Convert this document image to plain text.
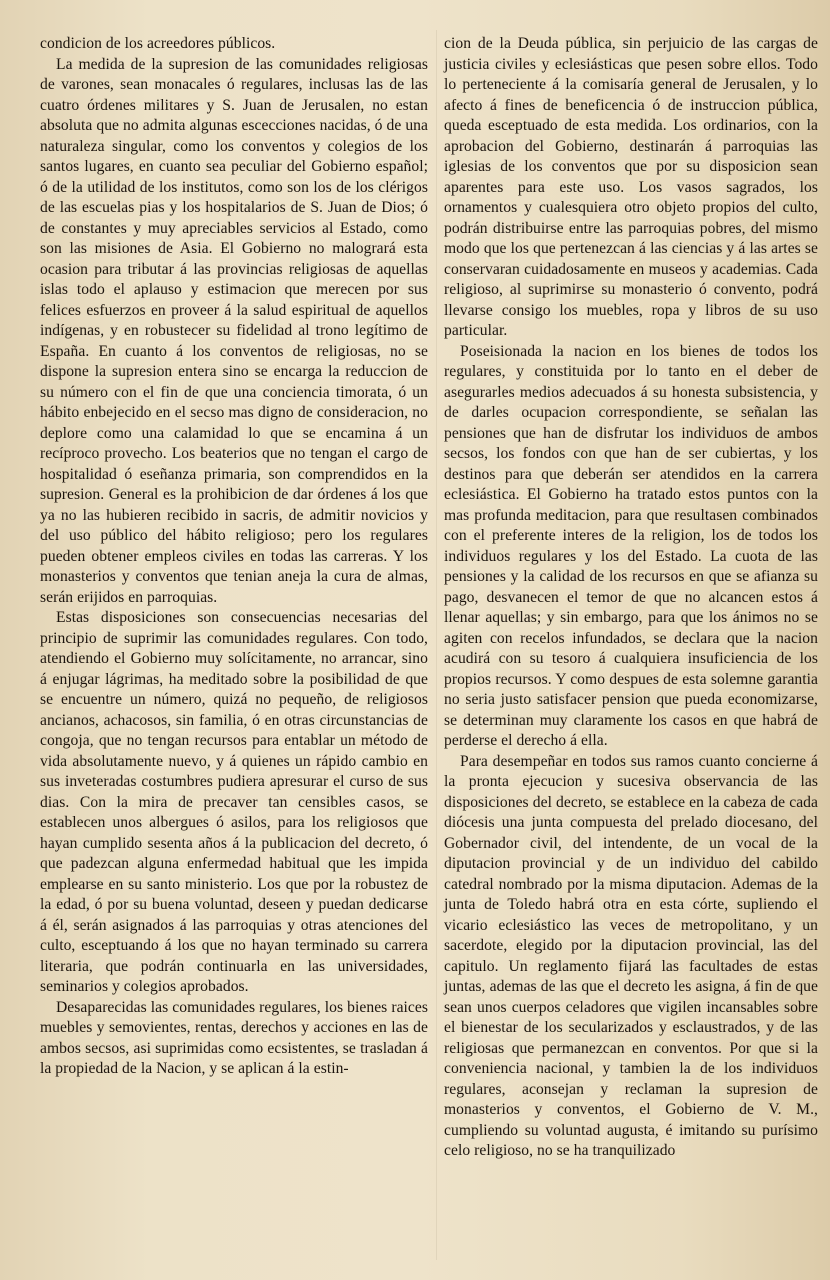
condicion de los acreedores públicos.

La medida de la supresion de las comunidades religiosas de varones, sean monacales ó regulares, inclusas las de las cuatro órdenes militares y S. Juan de Jerusalen, no estan absoluta que no admita algunas escecciones nacidas, ó de una naturaleza singular, como los conventos y colegios de los santos lugares, en cuanto sea peculiar del Gobierno español; ó de la utilidad de los institutos, como son los de los clérigos de las escuelas pias y los hospitalarios de S. Juan de Dios; ó de constantes y muy apreciables servicios al Estado, como son las misiones de Asia. El Gobierno no malogrará esta ocasion para tributar á las provincias religiosas de aquellas islas todo el aplauso y estimacion que merecen por sus felices esfuerzos en proveer á la salud espiritual de aquellos indígenas, y en robustecer su fidelidad al trono legítimo de España. En cuanto á los conventos de religiosas, no se dispone la supresion entera sino se encarga la reduccion de su número con el fin de que una conciencia timorata, ó un hábito enbejecido en el secso mas digno de consideracion, no deplore como una calamidad lo que se encamina á un recíproco provecho. Los beaterios que no tengan el cargo de hospitalidad ó eseñanza primaria, son comprendidos en la supresion. General es la prohibicion de dar órdenes á los que ya no las hubieren recibido in sacris, de admitir novicios y del uso público del hábito religioso; pero los regulares pueden obtener empleos civiles en todas las carreras. Y los monasterios y conventos que tenian aneja la cura de almas, serán erijidos en parroquias.

Estas disposiciones son consecuencias necesarias del principio de suprimir las comunidades regulares. Con todo, atendiendo el Gobierno muy solícitamente, no arrancar, sino á enjugar lágrimas, ha meditado sobre la posibilidad de que se encuentre un número, quizá no pequeño, de religiosos ancianos, achacosos, sin familia, ó en otras circunstancias de congoja, que no tengan recursos para entablar un método de vida absolutamente nuevo, y á quienes un rápido cambio en sus inveteradas costumbres pudiera apresurar el curso de sus dias. Con la mira de precaver tan censibles casos, se establecen unos albergues ó asilos, para los religiosos que hayan cumplido sesenta años á la publicacion del decreto, ó que padezcan alguna enfermedad habitual que les impida emplearse en su santo ministerio. Los que por la robustez de la edad, ó por su buena voluntad, deseen y puedan dedicarse á él, serán asignados á las parroquias y otras atenciones del culto, esceptuando á los que no hayan terminado su carrera literaria, que podrán continuarla en las universidades, seminarios y colegios aprobados.

Desaparecidas las comunidades regulares, los bienes raices muebles y semovientes, rentas, derechos y acciones en las de ambos secsos, asi suprimidas como ecsistentes, se trasladan á la propiedad de la Nacion, y se aplican á la estin-

cion de la Deuda pública, sin perjuicio de las cargas de justicia civiles y eclesiásticas que pesen sobre ellos. Todo lo perteneciente á la comisaría general de Jerusalen, y lo afecto á fines de beneficencia ó de instruccion pública, queda esceptuado de esta medida. Los ordinarios, con la aprobacion del Gobierno, destinarán á parroquias las iglesias de los conventos que por su disposicion sean aparentes para este uso. Los vasos sagrados, los ornamentos y cualesquiera otro objeto propios del culto, podrán distribuirse entre las parroquias pobres, del mismo modo que los que pertenezcan á las ciencias y á las artes se conservaran cuidadosamente en museos y academias. Cada religioso, al suprimirse su monasterio ó convento, podrá llevarse consigo los muebles, ropa y libros de su uso particular.

Poseisionada la nacion en los bienes de todos los regulares, y constituida por lo tanto en el deber de asegurarles medios adecuados á su honesta subsistencia, y de darles ocupacion correspondiente, se señalan las pensiones que han de disfrutar los individuos de ambos secsos, los fondos con que han de ser cubiertas, y los destinos para que deberán ser atendidos en la carrera eclesiástica. El Gobierno ha tratado estos puntos con la mas profunda meditacion, para que resultasen combinados con el preferente interes de la religion, los de todos los individuos regulares y los del Estado. La cuota de las pensiones y la calidad de los recursos en que se afianza su pago, desvanecen el temor de que no alcancen estos á llenar aquellas; y sin embargo, para que los ánimos no se agiten con recelos infundados, se declara que la nacion acudirá con su tesoro á cualquiera insuficiencia de los propios recursos. Y como despues de esta solemne garantia no seria justo satisfacer pension que pueda economizarse, se determinan muy claramente los casos en que habrá de perderse el derecho á ella.

Para desempeñar en todos sus ramos cuanto concierne á la pronta ejecucion y sucesiva observancia de las disposiciones del decreto, se establece en la cabeza de cada diócesis una junta compuesta del prelado diocesano, del Gobernador civil, del intendente, de un vocal de la diputacion provincial y de un individuo del cabildo catedral nombrado por la misma diputacion. Ademas de la junta de Toledo habrá otra en esta córte, supliendo el vicario eclesiástico las veces de metropolitano, y un sacerdote, elegido por la diputacion provincial, las del capitulo. Un reglamento fijará las facultades de estas juntas, ademas de las que el decreto les asigna, á fin de que sean unos cuerpos celadores que vigilen incansables sobre el bienestar de los secularizados y esclaustrados, y de las religiosas que permanezcan en conventos. Por que si la conveniencia nacional, y tambien la de los individuos regulares, aconsejan y reclaman la supresion de monasterios y conventos, el Gobierno de V. M., cumpliendo su voluntad augusta, é imitando su purísimo celo religioso, no se ha tranquilizado
